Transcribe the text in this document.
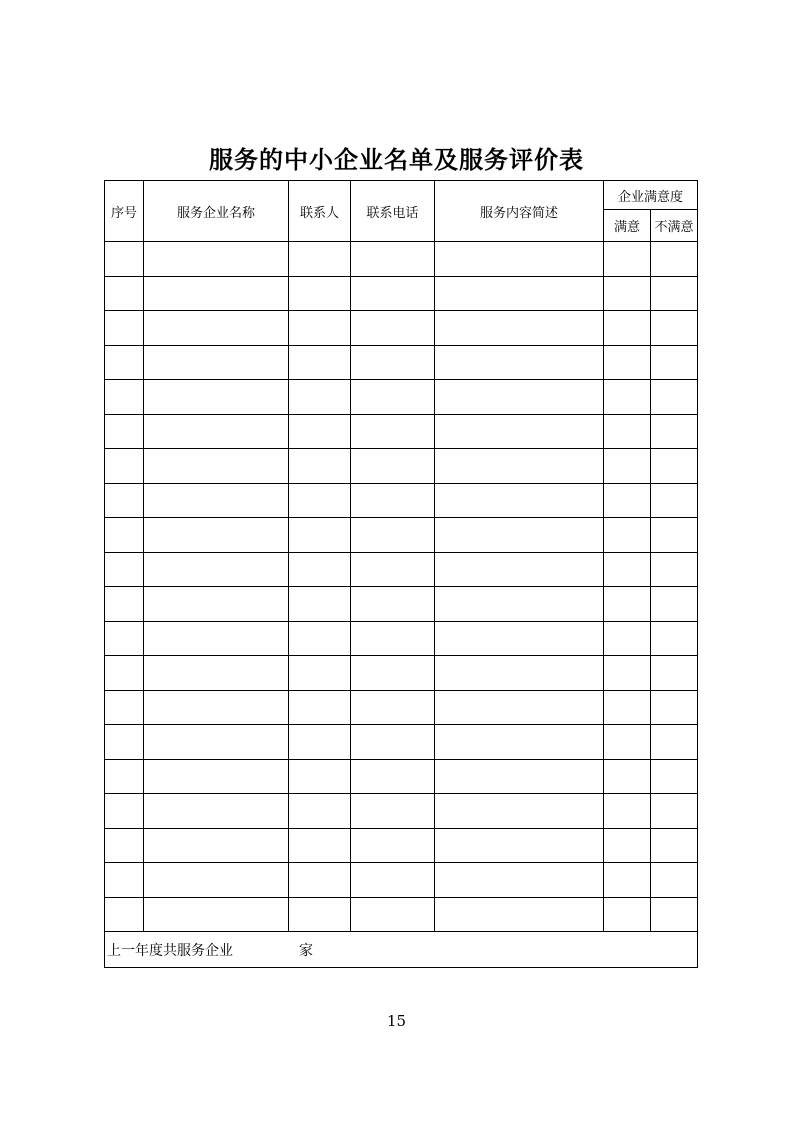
服务的中小企业名单及服务评价表
序号	服务企业名称	联系人	联系电话	服务内容简述	企业满意度	
					满意	不满意

上一年度共服务企业 家						
15
